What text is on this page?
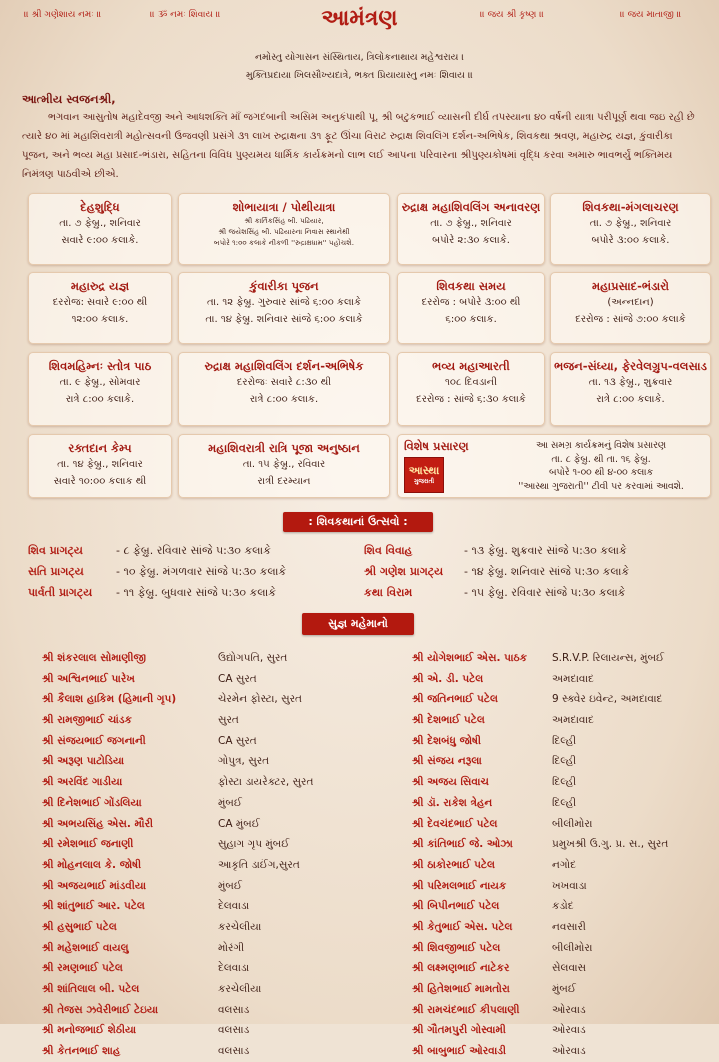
॥ શ્રી ગણેશાય નમઃ ॥	॥ ૐ નમઃ શિવાય ॥	॥ જય શ્રી કૃષ્ણ ॥	॥ જય માતાજી ॥
આમંત્રણ
નમોસ્તુ યોગાસન સંસ્થિતાય, ત્રિલોકનાથાય મહેશ્વરાય ।
મુક્તિપ્રદાયા ખિલસૌખ્યદાત્રે, ભક્ત પ્રિયાયાસ્તુ નમઃ શિવાય ॥
આત્મીય સ્વજનશ્રી,
ભગવાન આસુતોષ મહાદેવજી અને આધશક્તિ માઁ જગદંબાની અસિમ અનુકંપાથી પૂ. શ્રી બટુકભાઈ વ્યાસની દીર્ઘ તપસ્યાના ૪૦ વર્ષની યાત્રા પરીપૂર્ણ થવા જઇ રહી છે ત્યારે ૪૦ માં મહાશિવરાત્રી મહોત્સવની ઉજવણી પ્રસંગે ૩૧ લાખ રુદ્રાક્ષના ૩૧ ફૂટ ઊંચા વિરાટ રુદ્રાક્ષ શિવલિંગ દર્શન-અભિષેક, શિવકથા શ્રવણ, મહારુદ્ર યજ્ઞ, કુંવારીકા પૂજન, અને ભવ્ય મહા પ્રસાદ-ભંડારા, સહિતના વિવિધ પુણ્યમય ધાર્મિક કાર્યક્રમનો લાભ લઈ આપના પરિવારના શ્રીપુણ્યકોષમાં વૃદ્ધિ કરવા અમારુ ભાવભર્યું ભક્તિમય નિમંત્રણ પાઠવીએ છીએ.
દેહશુદ્ધિ
તા. ૭ ફેબ્રુ., શનિવાર
સવારે ૯:૦૦ કલાકે.
શોભાયાત્રા / પોથીયાત્રા
શ્રી કાર્તિકસિંહ બી. પઢિયાર,
શ્રી જયેશસિંહ બી. પઢિયારના નિવાસ સ્થાનેથી
બપોરે ૧:૦૦ કલાકે નીકળી ''રુદ્રાક્ષધામ'' પહોંચશે.
રુદ્રાક્ષ મહાશિવલિંગ અનાવરણ
તા. ૭ ફેબ્રુ., શનિવાર
બપોરે ૨:૩૦ કલાકે.
શિવકથા-મંગલાચરણ
તા. ૭ ફેબ્રુ., શનિવાર
બપોરે ૩:૦૦ કલાકે.
મહારુદ્ર યજ્ઞ
દરરોજ: સવારે ૯:૦૦ થી
૧૨:૦૦ કલાક.
કુંવારીકા પૂજન
તા. ૧૨ ફેબ્રુ. ગુરુવાર સાંજે ૬:૦૦ કલાકે
તા. ૧૪ ફેબ્રુ. શનિવાર સાંજે ૬:૦૦ કલાકે
શિવકથા સમય
દરરોજ : બપોરે ૩:૦૦ થી
૬:૦૦ કલાક.
મહાપ્રસાદ-ભંડારો
(અન્નદાન)
દરરોજ : સાંજે ૭:૦૦ કલાકે
શિવમહિમ્નઃ સ્તોત્ર પાઠ
તા. ૯ ફેબ્રુ., સોમવાર
રાત્રે ૮:૦૦ કલાકે.
રુદ્રાક્ષ મહાશિવલિંગ દર્શન-અભિષેક
દરરોજઃ સવારે ૮:૩૦ થી
રાત્રે ૮:૦૦ કલાક.
ભવ્ય મહાઆરતી
૧૦૮ દિવડાની
દરરોજ : સાંજે ૬:૩૦ કલાકે
ભજન-સંધ્યા, ફેરવેલગ્રુપ-વલસાડ
તા. ૧૩ ફેબ્રુ., શુક્રવાર
રાત્રે ૮:૦૦ કલાકે.
રક્તદાન કેમ્પ
તા. ૧૪ ફેબ્રુ., શનિવાર
સવારે ૧૦:૦૦ કલાક થી
મહાશિવરાત્રી રાત્રિ પૂજા અનુષ્ઠાન
તા. ૧૫ ફેબ્રુ., રવિવાર
રાત્રી દરમ્યાન
વિશેષ પ્રસારણ
આસ્થા
ગુજરાતી
આ સમગ્ર કાર્યક્રમનું વિશેષ પ્રસારણ
તા. ૮ ફેબ્રુ. થી તા. ૧૬ ફેબ્રુ.
બપોરે ૧-૦૦ થી ૪-૦૦ કલાક
''આસ્થા ગુજરાતી'' ટીવી પર કરવામાં આવશે.
: શિવકથાનાં ઉત્સવો :
શિવ પ્રાગટ્ય	- ૮ ફેબ્રુ. રવિવાર સાંજે ૫:૩૦ કલાકે
સતિ પ્રાગટ્ય	- ૧૦ ફેબ્રુ. મંગળવાર સાંજે ૫:૩૦ કલાકે
પાર્વતી પ્રાગટ્ય - ૧૧ ફેબ્રુ. બુધવાર સાંજે ૫:૩૦ કલાકે
શિવ વિવાહ	- ૧૩ ફેબ્રુ. શુક્રવાર સાંજે ૫:૩૦ કલાકે
શ્રી ગણેશ પ્રાગટ્ય - ૧૪ ફેબ્રુ. શનિવાર સાંજે ૫:૩૦ કલાકે
કથા વિરામ	- ૧૫ ફેબ્રુ. રવિવાર સાંજે ૫:૩૦ કલાકે
સુજ્ઞ મહેમાનો
શ્રી શંકરલાલ સોમાણીજી	ઉદ્યોગપતિ, સુરત
શ્રી અશ્વિનભાઈ પારેખ	CA સુરત
શ્રી કૈલાશ હાકિમ (હિમાની ગૃપ)	ચેરમેન ફોસ્ટા, સુરત
શ્રી રામજીભાઈ ચાંડક	સુરત
શ્રી સંજયભાઈ જગનાની	CA સુરત
શ્રી અરૂણ પાટોડિયા	ગોપુત્ર, સુરત
શ્રી અરવિંદ ગાડીયા	ફોસ્ટા ડાયરેક્ટર, સુરત
શ્રી દિનેશભાઈ ગોંડલિયા	મુંબઈ
શ્રી અભયસિંહ એસ. મૌરી	CA મુંબઈ
શ્રી રમેશભાઈ જનાણી	સુહાગ ગૃપ મુંબઈ
શ્રી મોહનલાલ કે. જોષી	આકૃતિ ડાઈંગ,સુરત
શ્રી અજયભાઈ માંડવીયા	મુંબઈ
શ્રી શાંતુભાઈ આર. પટેલ	દેલવાડા
શ્રી હસુભાઈ પટેલ	કરચેલીયા
શ્રી મહેશભાઈ વાયલુ	મોરંગી
શ્રી રમણભાઈ પટેલ	દેલવાડા
શ્રી શાંતિલાલ બી. પટેલ	કરચેલીયા
શ્રી તેજસ ઝવેરીભાઈ ટેઇયા	વલસાડ
શ્રી મનોજભાઈ શેઠીયા	વલસાડ
શ્રી કેતનભાઈ શાહ	વલસાડ
શ્રી યોગેશભાઈ એસ. પાઠક S.R.V.P. રિલાયન્સ, મુંબઈ
શ્રી એ. ડી. પટેલ	અમદાવાદ
શ્રી જતિનભાઈ પટેલ	9 સ્ક્વેર ઇવેન્ટ, અમદાવાદ
શ્રી દેશભાઈ પટેલ	અમદાવાદ
શ્રી દેશબંધુ જોષી	દિલ્હી
શ્રી સંજય નરૂલા	દિલ્હી
શ્રી અજય સિવાચ	દિલ્હી
શ્રી ડૉ. રાકેશ ત્રેહન	દિલ્હી
શ્રી દેવચંદભાઈ પટેલ	બીલીમોરા
શ્રી કાંતિભાઈ જે. ઓઝા	પ્રમુખશ્રી ઉ.ગુ. પ્ર. સ., સુરત
શ્રી ઠાકોરભાઈ પટેલ	નગોદ
શ્રી પરિમલભાઈ નાયક	ખખવાડા
શ્રી બિપીનભાઈ પટેલ	કડોદ
શ્રી કેતુભાઈ એસ. પટેલ	નવસારી
શ્રી શિવજીભાઈ પટેલ	બીલીમોરા
શ્રી લક્ષ્મણભાઈ નાટેકર	સેલવાસ
શ્રી હિતેશભાઈ મામતોરા	મુંબઈ
શ્રી રામચંદભાઈ કીપલાણી	ઓરવાડ
શ્રી ગૌતમપુરી ગોસ્વામી	ઓરવાડ
શ્રી બાબુભાઈ ઓરવાડી	ઓરવાડ
